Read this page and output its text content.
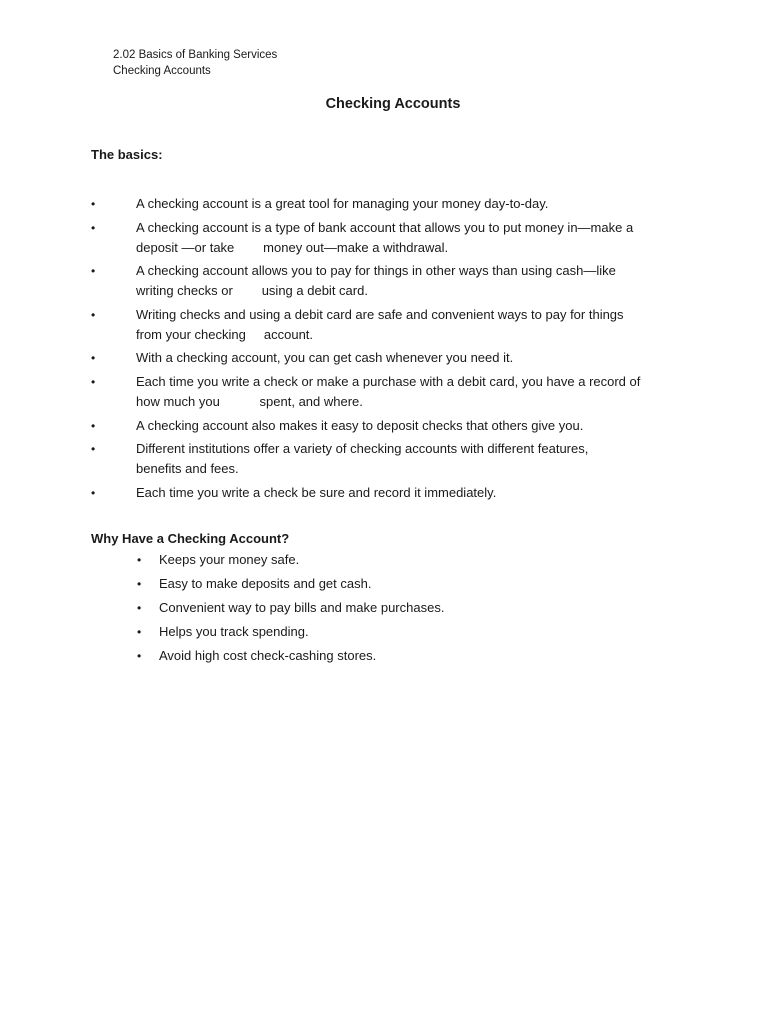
2.02 Basics of Banking Services
Checking Accounts
Checking Accounts
The basics:
•	A checking account is a great tool for managing your money day-to-day.
•	A checking account is a type of bank account that allows you to put money in—make a
deposit —or take        money out—make a withdrawal.
•	A checking account allows you to pay for things in other ways than using cash—like
writing checks or        using a debit card.
•	Writing checks and using a debit card are safe and convenient ways to pay for things
from your checking     account.
•	With a checking account, you can get cash whenever you need it.
•	Each time you write a check or make a purchase with a debit card, you have a record of
how much you           spent, and where.
•	A checking account also makes it easy to deposit checks that others give you.
•	Different institutions offer a variety of checking accounts with different features,
benefits and fees.
•	Each time you write a check be sure and record it immediately.
Why Have a Checking Account?
• Keeps your money safe.
• Easy to make deposits and get cash.
• Convenient way to pay bills and make purchases.
• Helps you track spending.
• Avoid high cost check-cashing stores.
